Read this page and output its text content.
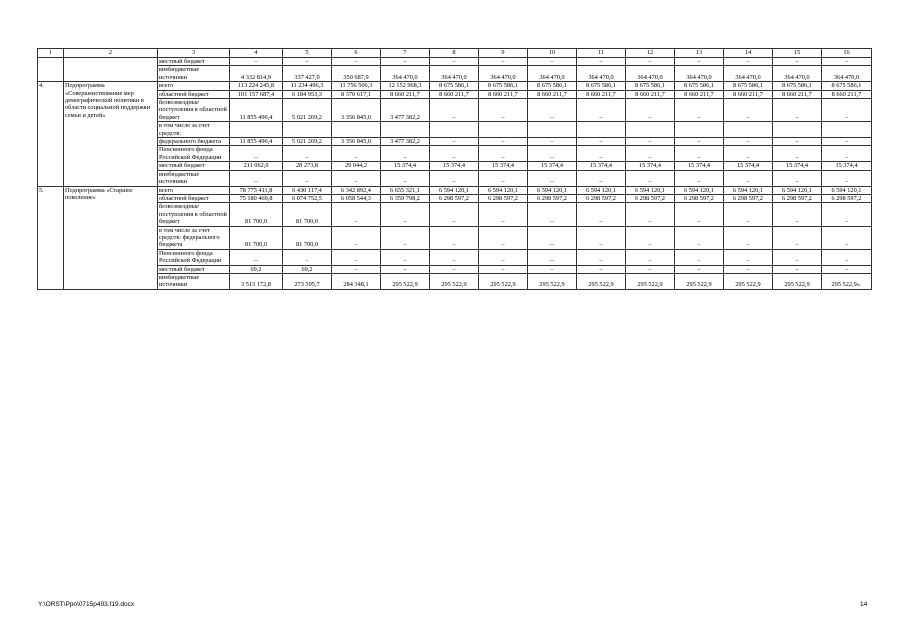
1	2	3	4	5	6	7	8	9	10	11	12	13	14	15	16
		местный бюджет	–	–	–	–	–	–	–	–	–	–	–	–	–
		внебюджетные источники	4 332 814,9	337 427,0	350 687,9	364 470,0	364 470,0	364 470,0	364 470,0	364 470,0	364 470,0	364 470,0	364 470,0	364 470,0	364 470,0
4.	Подпрограмма «Совершенствование мер демографической политики в области социальной поддержки семьи и детей»	всего	113 224 245,8	11 234 496,3	11 756 506,3	12 152 968,3	8 675 586,1	8 675 586,1	8 675 586,1	8 675 586,1	8 675 586,1	8 675 586,1	8 675 586,1	8 675 586,1	8 675 586,1
		областной бюджет	101 157 687,4	6 184 953,3	8 370 617,1	8 660 211,7	8 660 211,7	8 660 211,7	8 660 211,7	8 660 211,7	8 660 211,7	8 660 211,7	8 660 211,7	8 660 211,7	8 660 211,7
		безвозмездные поступления в областной бюджет	11 855 496,4	5 021 269,2	3 356 845,0	3 477 382,2	–	–	–	–	–	–	–	–	–
		в том числе за счет средств:													
		федерального бюджета	11 855 496,4	5 021 269,2	3 356 845,0	3 477 382,2	–	–	–	–	–	–	–	–	–
		Пенсионного фонда Российской Федерации	–	–	–	–	–	–	–	–	–	–	–	–	–
		местный бюджет	211 062,0	28 273,8	29 044,2	15 374,4	15 374,4	15 374,4	15 374,4	15 374,4	15 374,4	15 374,4	15 374,4	15 374,4	15 374,4
		внебюджетные источники	–	–	–	–	–	–	–	–	–	–	–	–	–
5.	Подпрограмма «Старшее поколение»	всего	78 775 411,8	6 430 117,4	6 342 892,4	6 655 321,1	6 594 120,1	6 594 120,1	6 594 120,1	6 594 120,1	6 594 120,1	6 594 120,1	6 594 120,1	6 594 120,1	6 594 120,1
		областной бюджет	75 180 469,8	6 074 752,5	6 058 544,3	6 359 798,2	6 298 597,2	6 298 597,2	6 298 597,2	6 298 597,2	6 298 597,2	6 298 597,2	6 298 597,2	6 298 597,2	6 298 597,2
		безвозмездные поступления в областной бюджет	81 700,0	81 700,0	–	–	–	–	–	–	–	–	–	–	–
		в том числе за счет средств: федерального бюджета	81 700,0	81 700,0	–	–	–	–	–	–	–	–	–	–	–
		Пенсионного фонда Российской Федерации	–	–	–	–	–	–	–	–	–	–	–	–	–
		местный бюджет	69,2	69,2	–	–	–	–	–	–	–	–	–	–	–
		внебюджетные источники	3 513 172,8	273 595,7	284 348,1	295 522,9	295 522,9	295 522,9	295 522,9	295 522,9	295 522,9	295 522,9	295 522,9	295 522,9	295 522,9».
Y:\ORST\Ppo\0715p493.f19.docx	14
